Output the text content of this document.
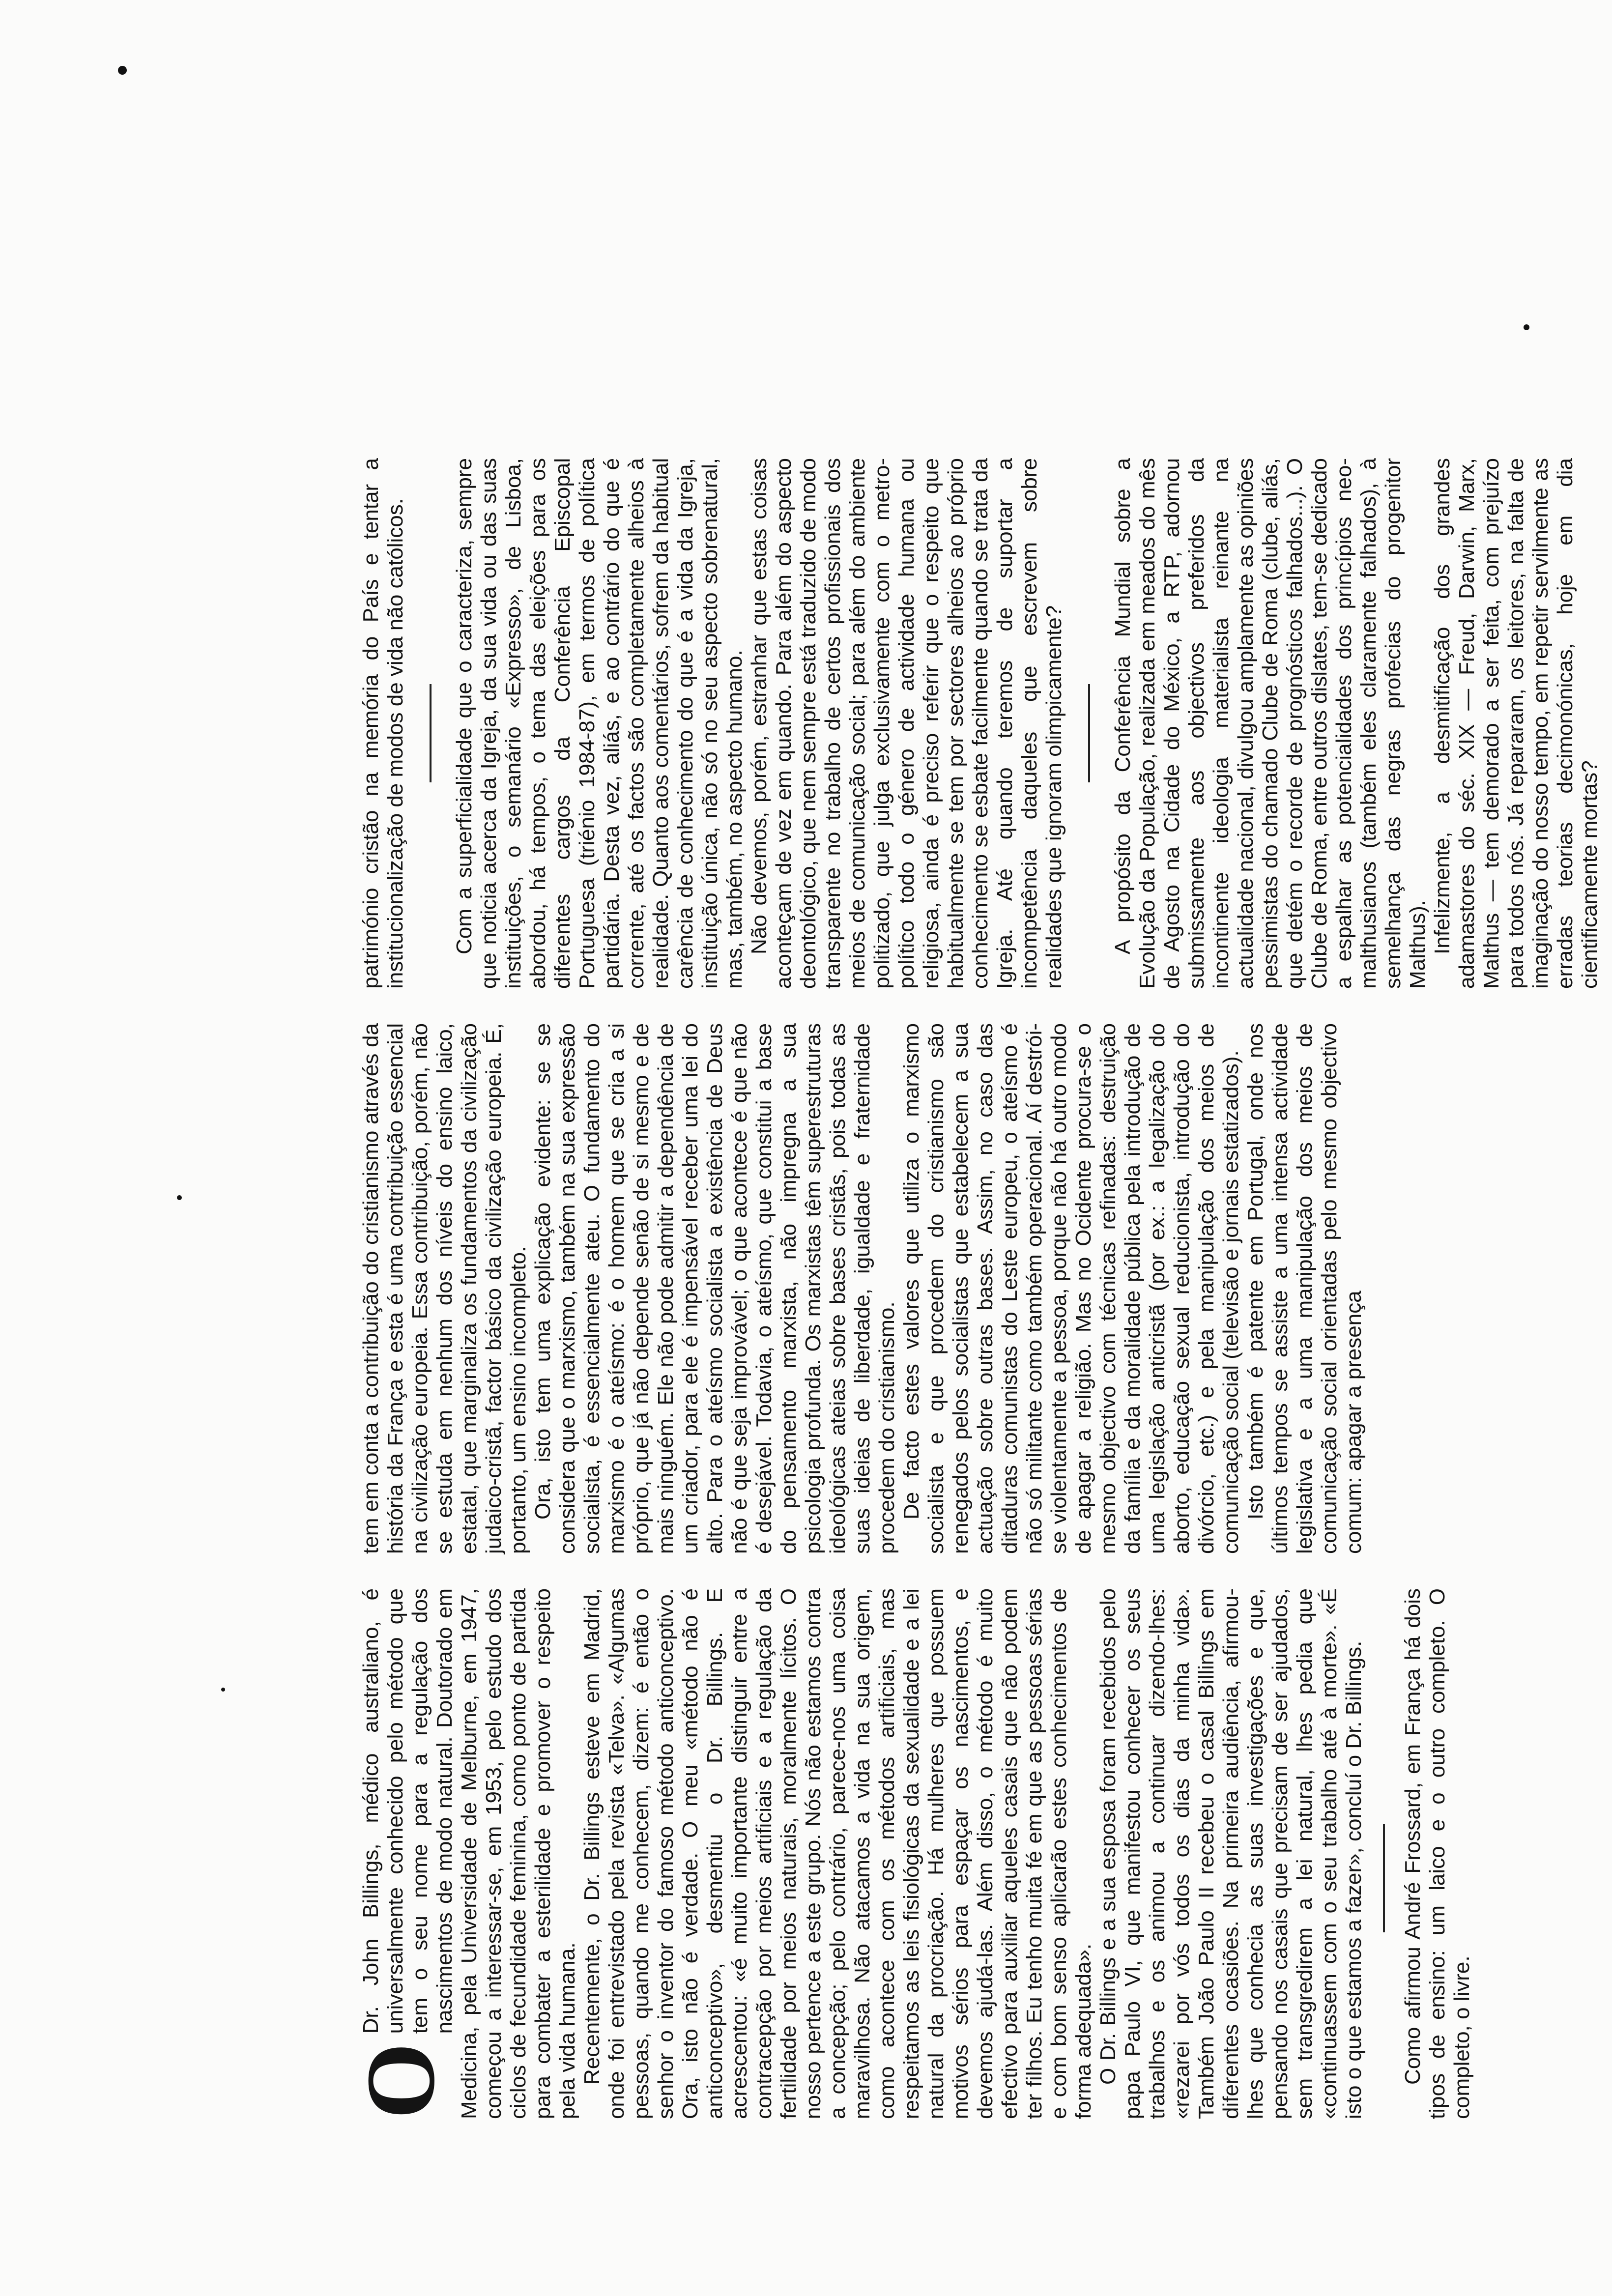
O
Dr. John Billings, médico australiano, é universalmente conhecido pelo método que tem o seu nome para a regulação dos nascimentos de modo natural. Doutorado em Medicina, pela Universidade de Melburne, em 1947, começou a interessar-se, em 1953, pelo estudo dos ciclos de fecundidade feminina, como ponto de partida para combater a esterilidade e promover o respeito pela vida humana. Recentemente, o Dr. Billings esteve em Madrid, onde foi entrevistado pela revista «Telva». «Algumas pessoas, quando me conhecem, dizem: é então o senhor o inventor do famoso método anticonceptivo. Ora, isto não é verdade. O meu «método não é anticonceptivo», desmentiu o Dr. Billings. E acrescentou: «é muito importante distinguir entre a contracepção por meios artificiais e a regulação da fertilidade por meios naturais, moralmente lícitos. O nosso pertence a este grupo. Nós não estamos contra a concepção; pelo contrário, parece-nos uma coisa maravilhosa. Não atacamos a vida na sua origem, como acontece com os métodos artificiais, mas respeitamos as leis fisiológicas da sexualidade e a lei natural da procriação. Há mulheres que possuem motivos sérios para espaçar os nascimentos, e devemos ajudá-las. Além disso, o método é muito efectivo para auxiliar aqueles casais que não podem ter filhos. Eu tenho muita fé em que as pessoas sérias e com bom senso aplicarão estes conhecimentos de forma adequada». O Dr. Billings e a sua esposa foram recebidos pelo papa Paulo VI, que manifestou conhecer os seus trabalhos e os animou a continuar dizendo-lhes: «rezarei por vós todos os dias da minha vida». Também João Paulo II recebeu o casal Billings em diferentes ocasiões. Na primeira audiência, afirmou-lhes que conhecia as suas investigações e que, pensando nos casais que precisam de ser ajudados, sem transgredirem a lei natural, lhes pedia que «continuassem com o seu trabalho até à morte». «É isto o que estamos a fazer», concluí o Dr. Billings. Como afirmou André Frossard, em França há dois tipos de ensino: um laico e o outro completo. O completo, o livre.

tem em conta a contribuição do cristianismo através da história da França e esta é uma contribuição essencial na civilização europeia. Essa contribuição, porém, não se estuda em nenhum dos níveis do ensino laico, estatal, que marginaliza os fundamentos da civilização judaico-cristã, factor básico da civilização europeia. É, portanto, um ensino incompleto. Ora, isto tem uma explicação evidente: se se considera que o marxismo, também na sua expressão socialista, é essencialmente ateu. O fundamento do marxismo é o ateísmo: é o homem que se cria a si próprio, que já não depende senão de si mesmo e de mais ninguém. Ele não pode admitir a dependência de um criador, para ele é impensável receber uma lei do alto. Para o ateísmo socialista a existência de Deus não é que seja improvável; o que acontece é que não é desejável. Todavia, o ateísmo, que constitui a base do pensamento marxista, não impregna a sua psicologia profunda. Os marxistas têm superestruturas ideológicas ateias sobre bases cristãs, pois todas as suas ideias de liberdade, igualdade e fraternidade procedem do cristianismo. De facto estes valores que utiliza o marxismo socialista e que procedem do cristianismo são renegados pelos socialistas que estabelecem a sua actuação sobre outras bases. Assim, no caso das ditaduras comunistas do Leste europeu, o ateísmo é não só militante como também operacional. Aí destrói-se violentamente a pessoa, porque não há outro modo de apagar a religião. Mas no Ocidente procura-se o mesmo objectivo com técnicas refinadas: destruição da família e da moralidade pública pela introdução de uma legislação anticristã (por ex.: a legalização do aborto, educação sexual reducionista, introdução do divórcio, etc.) e pela manipulação dos meios de comunicação social (televisão e jornais estatizados). Isto também é patente em Portugal, onde nos últimos tempos se assiste a uma intensa actividade legislativa e a uma manipulação dos meios de comunicação social orientadas pelo mesmo objectivo comum: apagar a presença

património cristão na memória do País e tentar a institucionalização de modos de vida não católicos. Com a superficialidade que o caracteriza, sempre que noticia acerca da Igreja, da sua vida ou das suas instituições, o semanário «Expresso», de Lisboa, abordou, há tempos, o tema das eleições para os diferentes cargos da Conferência Episcopal Portuguesa (triénio 1984-87), em termos de política partidária. Desta vez, aliás, e ao contrário do que é corrente, até os factos são completamente alheios à realidade. Quanto aos comentários, sofrem da habitual carência de conhecimento do que é a vida da Igreja, instituição única, não só no seu aspecto sobrenatural, mas, também, no aspecto humano. Não devemos, porém, estranhar que estas coisas aconteçam de vez em quando. Para além do aspecto deontológico, que nem sempre está traduzido de modo transparente no trabalho de certos profissionais dos meios de comunicação social; para além do ambiente politizado, que julga exclusivamente com o metro-político todo o género de actividade humana ou religiosa, ainda é preciso referir que o respeito que habitualmente se tem por sectores alheios ao próprio conhecimento se esbate facilmente quando se trata da Igreja. Até quando teremos de suportar a incompetência daqueles que escrevem sobre realidades que ignoram olimpicamente? A propósito da Conferência Mundial sobre a Evolução da População, realizada em meados do mês de Agosto na Cidade do México, a RTP, adornou submissamente aos objectivos preferidos da incontinente ideologia materialista reinante na actualidade nacional, divulgou amplamente as opiniões pessimistas do chamado Clube de Roma (clube, aliás, que detém o recorde de prognósticos falhados...). O Clube de Roma, entre outros dislates, tem-se dedicado a espalhar as potencialidades dos princípios neo-malthusianos (também eles claramente falhados), à semelhança das negras profecias do progenitor Malthus). Infelizmente, a desmitificação dos grandes adamastores do séc. XIX — Freud, Darwin, Marx, Malthus — tem demorado a ser feita, com prejuízo para todos nós. Já repararam, os leitores, na falta de imaginação do nosso tempo, em repetir servilmente as erradas teorias decimonónicas, hoje em dia cientificamente mortas?
